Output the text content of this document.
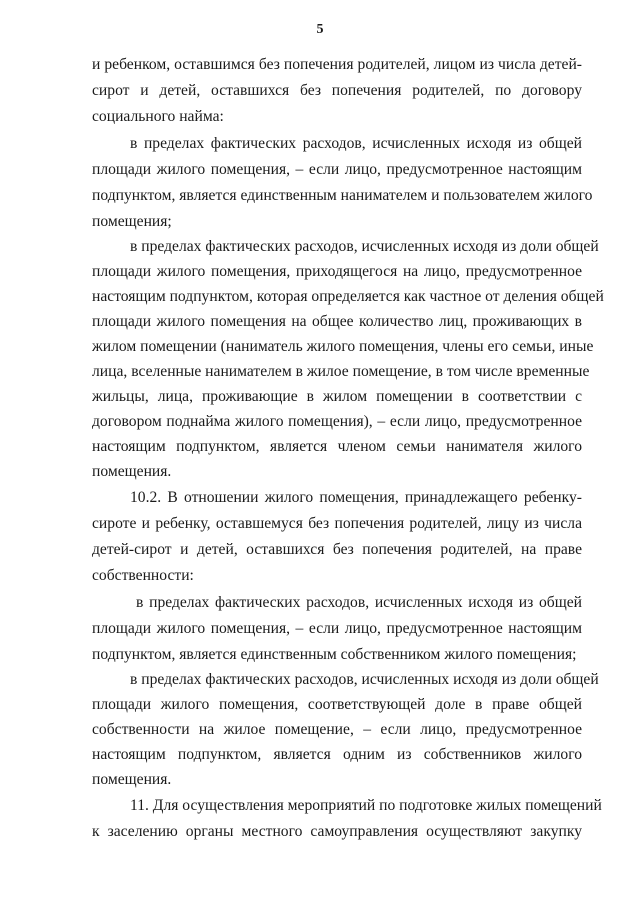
5
и ребенком, оставшимся без попечения родителей, лицом из числа детей-
сирот и детей, оставшихся без попечения родителей, по договору
социального найма:
в пределах фактических расходов, исчисленных исходя из общей
площади жилого помещения, – если лицо, предусмотренное настоящим
подпунктом, является единственным нанимателем и пользователем жилого
помещения;
в пределах фактических расходов, исчисленных исходя из доли общей
площади жилого помещения, приходящегося на лицо, предусмотренное
настоящим подпунктом, которая определяется как частное от деления общей
площади жилого помещения на общее количество лиц, проживающих в
жилом помещении (наниматель жилого помещения, члены его семьи, иные
лица, вселенные нанимателем в жилое помещение, в том числе временные
жильцы, лица, проживающие в жилом помещении в соответствии с
договором поднайма жилого помещения), – если лицо, предусмотренное
настоящим подпунктом, является членом семьи нанимателя жилого
помещения.
10.2. В отношении жилого помещения, принадлежащего ребенку-
сироте и ребенку, оставшемуся без попечения родителей, лицу из числа
детей-сирот и детей, оставшихся без попечения родителей, на праве
собственности:
в пределах фактических расходов, исчисленных исходя из общей
площади жилого помещения, – если лицо, предусмотренное настоящим
подпунктом, является единственным собственником жилого помещения;
в пределах фактических расходов, исчисленных исходя из доли общей
площади жилого помещения, соответствующей доле в праве общей
собственности на жилое помещение, – если лицо, предусмотренное
настоящим подпунктом, является одним из собственников жилого
помещения.
11. Для осуществления мероприятий по подготовке жилых помещений
к заселению органы местного самоуправления осуществляют закупку
